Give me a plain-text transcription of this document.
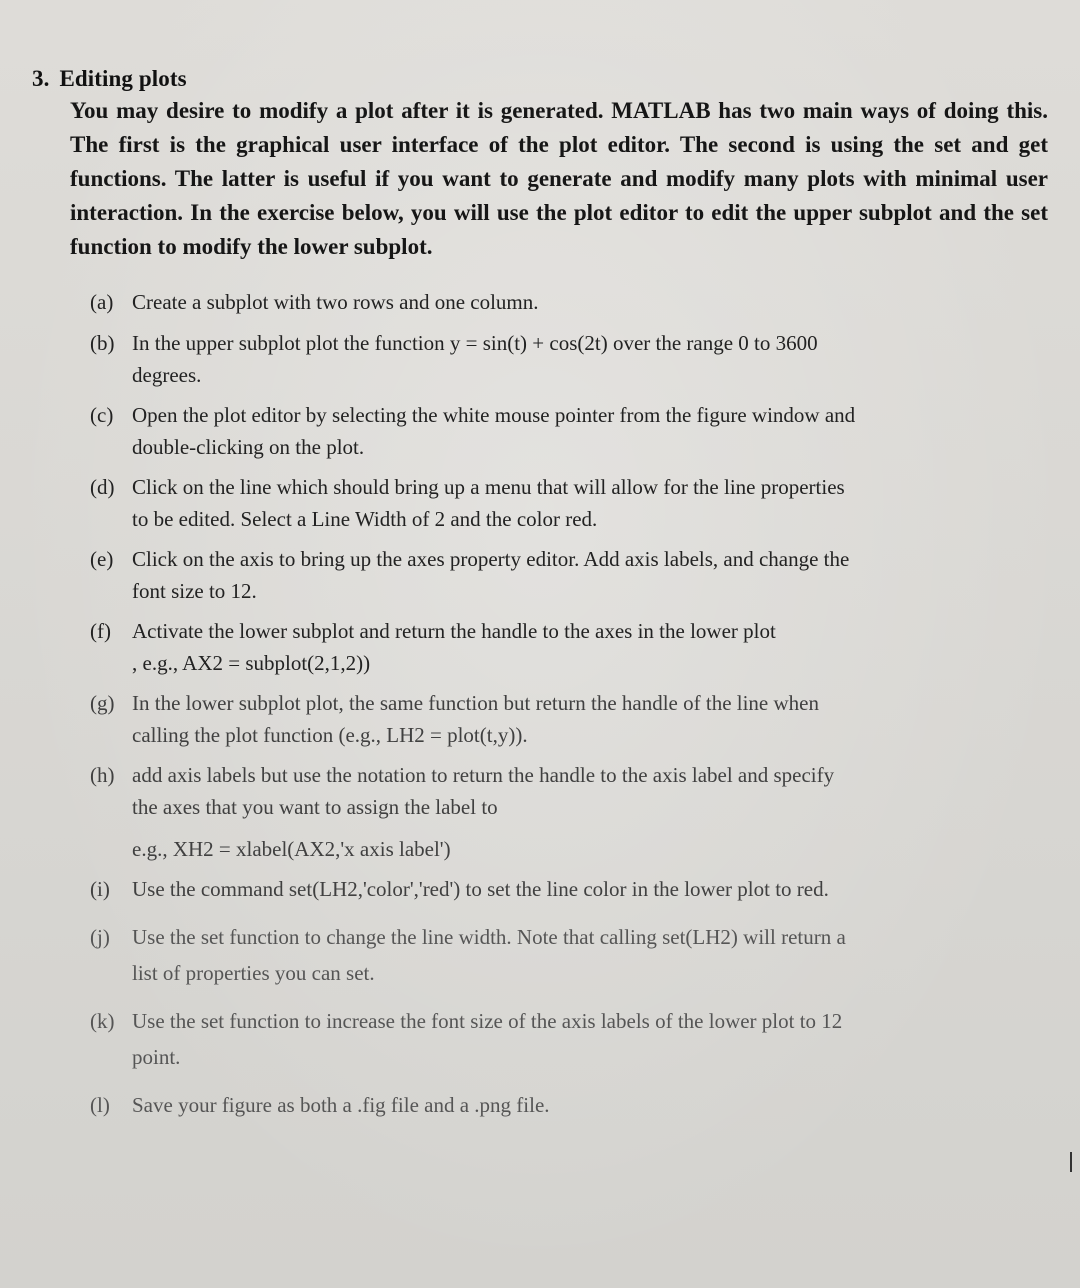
3. Editing plots
You may desire to modify a plot after it is generated. MATLAB has two main ways of doing this. The first is the graphical user interface of the plot editor. The second is using the set and get functions. The latter is useful if you want to generate and modify many plots with minimal user interaction. In the exercise below, you will use the plot editor to edit the upper subplot and the set function to modify the lower subplot.
(a) Create a subplot with two rows and one column.
(b) In the upper subplot plot the function y = sin(t) + cos(2t) over the range 0 to 3600
degrees.
(c) Open the plot editor by selecting the white mouse pointer from the figure window and
double-clicking on the plot.
(d) Click on the line which should bring up a menu that will allow for the line properties
to be edited. Select a Line Width of 2 and the color red.
(e) Click on the axis to bring up the axes property editor. Add axis labels, and change the
font size to 12.
(f) Activate the lower subplot and return the handle to the axes in the lower plot
, e.g., AX2 = subplot(2,1,2))
(g) In the lower subplot plot, the same function but return the handle of the line when
calling the plot function (e.g., LH2 = plot(t,y)).
(h) add axis labels but use the notation to return the handle to the axis label and specify
the axes that you want to assign the label to
e.g., XH2 = xlabel(AX2,'x axis label')
(i) Use the command set(LH2,'color','red') to set the line color in the lower plot to red.
(j) Use the set function to change the line width. Note that calling set(LH2) will return a
list of properties you can set.
(k) Use the set function to increase the font size of the axis labels of the lower plot to 12
point.
(l) Save your figure as both a .fig file and a .png file.
